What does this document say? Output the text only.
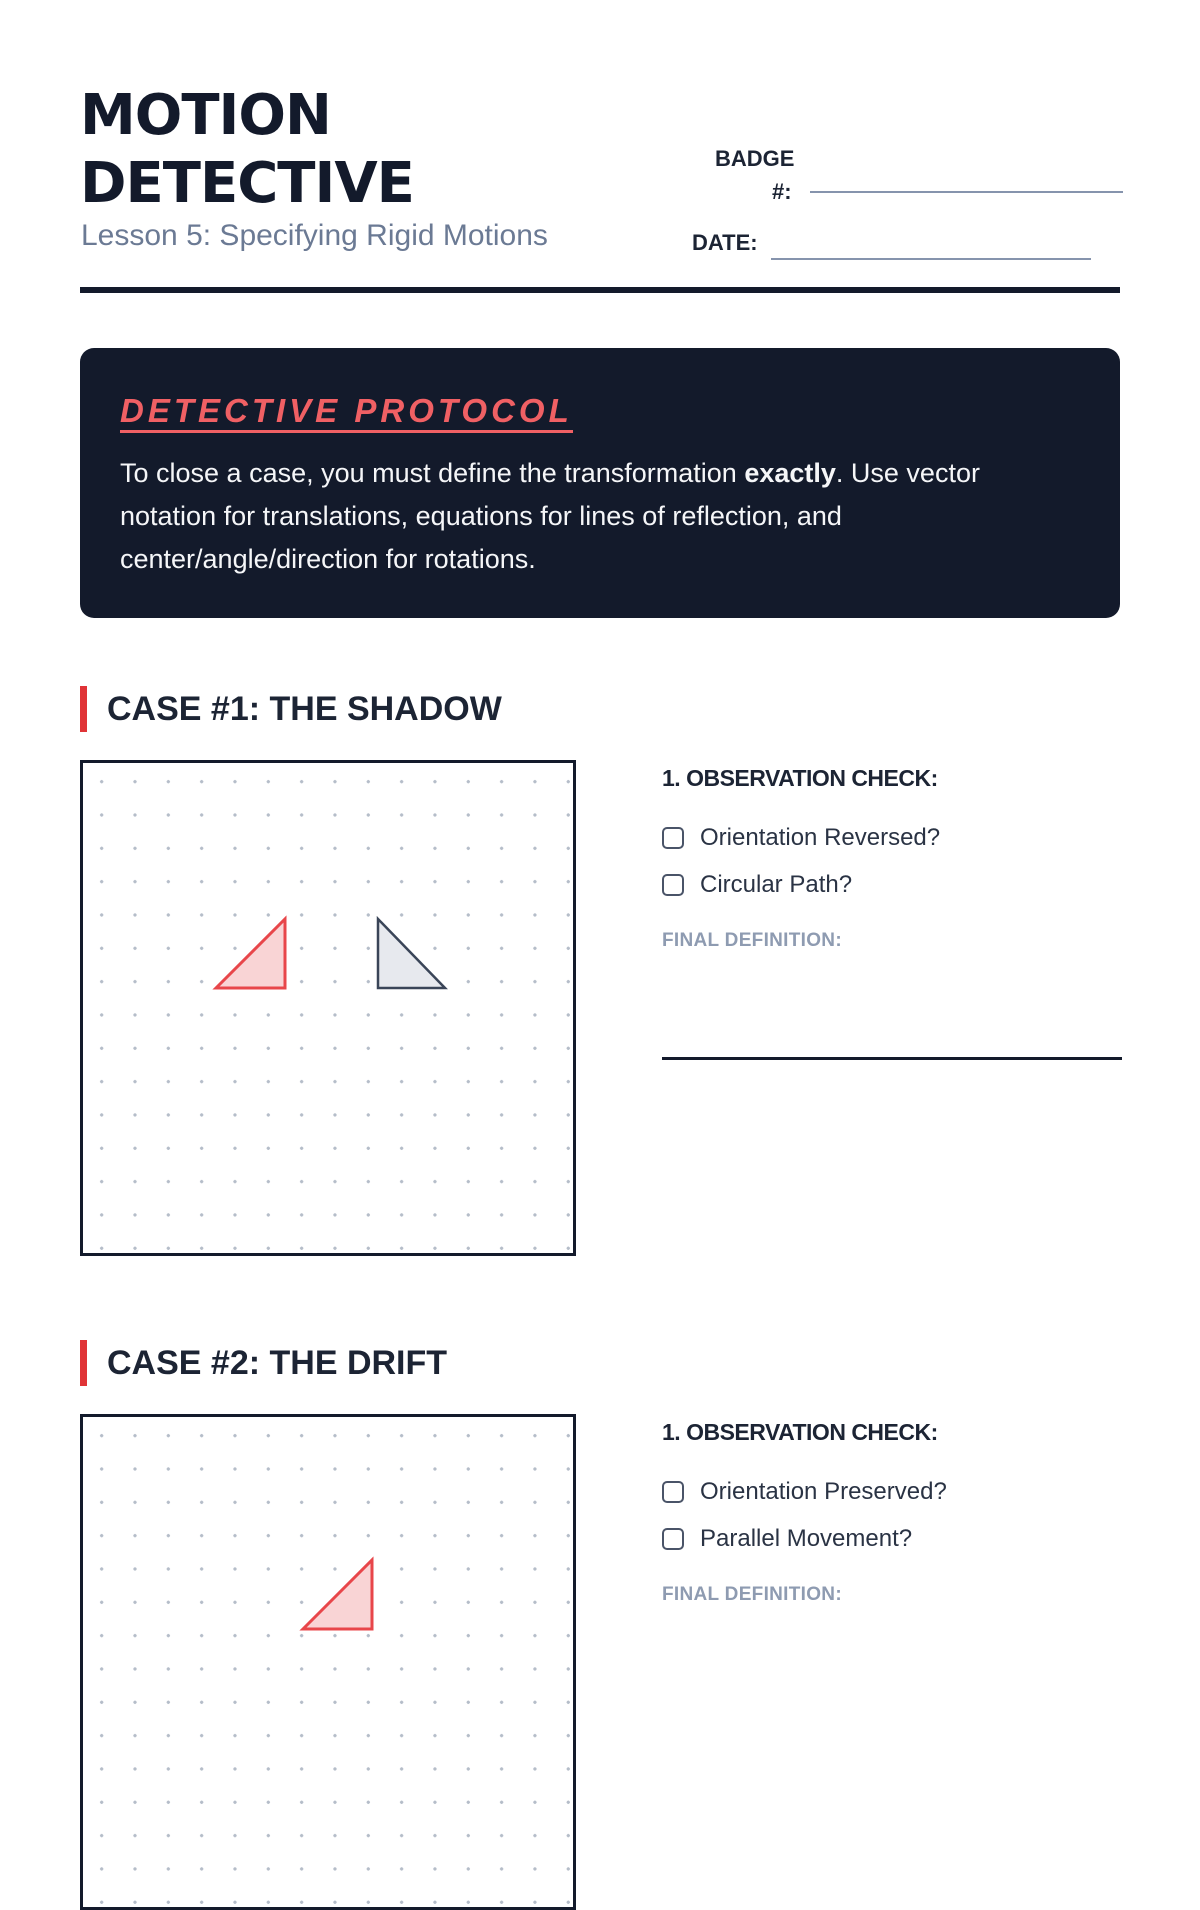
MOTION
DETECTIVE
Lesson 5: Specifying Rigid Motions
BADGE
#:
DATE:
DETECTIVE PROTOCOL
To close a case, you must define the transformation exactly. Use vector notation for translations, equations for lines of reflection, and center/angle/direction for rotations.
CASE #1: THE SHADOW
1. OBSERVATION CHECK:
Orientation Reversed?
Circular Path?
FINAL DEFINITION:
CASE #2: THE DRIFT
1. OBSERVATION CHECK:
Orientation Preserved?
Parallel Movement?
FINAL DEFINITION:
